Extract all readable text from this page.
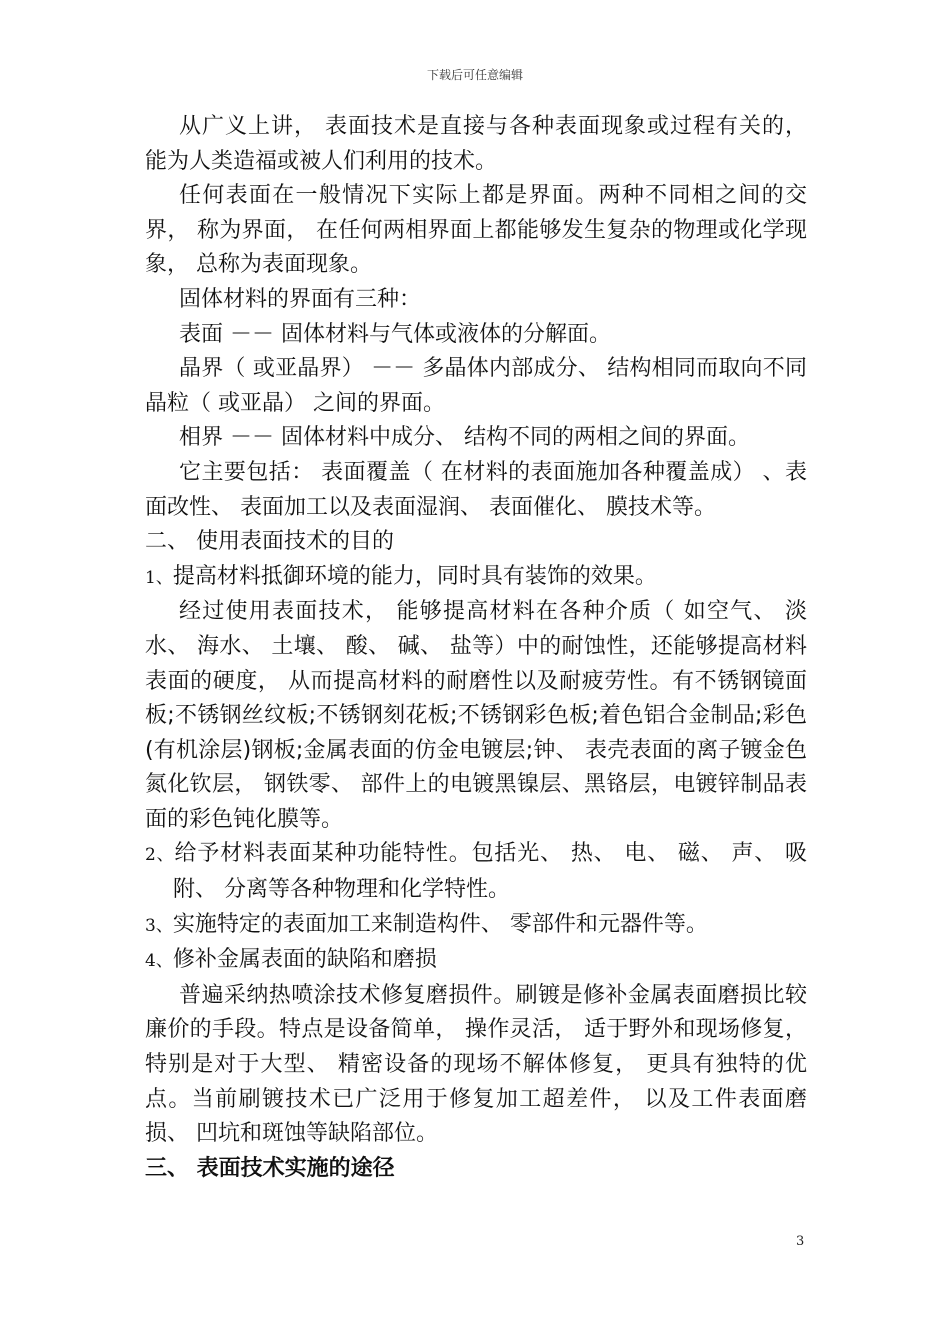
下载后可任意编辑

从广义上讲， 表面技术是直接与各种表面现象或过程有关的， 能为人类造福或被人们利用的技术。

任何表面在一般情况下实际上都是界面。两种不同相之间的交界， 称为界面， 在任何两相界面上都能够发生复杂的物理或化学现象， 总称为表面现象。

固体材料的界面有三种：

表面 －－ 固体材料与气体或液体的分解面。

晶界（ 或亚晶界） －－ 多晶体内部成分、 结构相同而取向不同晶粒（ 或亚晶） 之间的界面。

相界 －－ 固体材料中成分、 结构不同的两相之间的界面。

它主要包括： 表面覆盖（ 在材料的表面施加各种覆盖成） 、表面改性、 表面加工以及表面湿润、 表面催化、 膜技术等。

二、 使用表面技术的目的

1、提高材料抵御环境的能力，同时具有装饰的效果。

经过使用表面技术， 能够提高材料在各种介质（ 如空气、 淡水、 海水、 土壤、 酸、 碱、 盐等）中的耐蚀性，还能够提高材料表面的硬度， 从而提高材料的耐磨性以及耐疲劳性。有不锈钢镜面板;不锈钢丝纹板;不锈钢刻花板;不锈钢彩色板;着色铝合金制品;彩色(有机涂层)钢板;金属表面的仿金电镀层;钟、 表壳表面的离子镀金色氮化钦层， 钢铁零、 部件上的电镀黑镍层、黑铬层，电镀锌制品表面的彩色钝化膜等。

2、给予材料表面某种功能特性。包括光、 热、 电、 磁、 声、 吸附、 分离等各种物理和化学特性。

3、实施特定的表面加工来制造构件、 零部件和元器件等。

4、修补金属表面的缺陷和磨损

普遍采纳热喷涂技术修复磨损件。刷镀是修补金属表面磨损比较廉价的手段。特点是设备简单， 操作灵活， 适于野外和现场修复， 特别是对于大型、 精密设备的现场不解体修复， 更具有独特的优点。当前刷镀技术已广泛用于修复加工超差件， 以及工件表面磨损、 凹坑和斑蚀等缺陷部位。

三、 表面技术实施的途径

3
